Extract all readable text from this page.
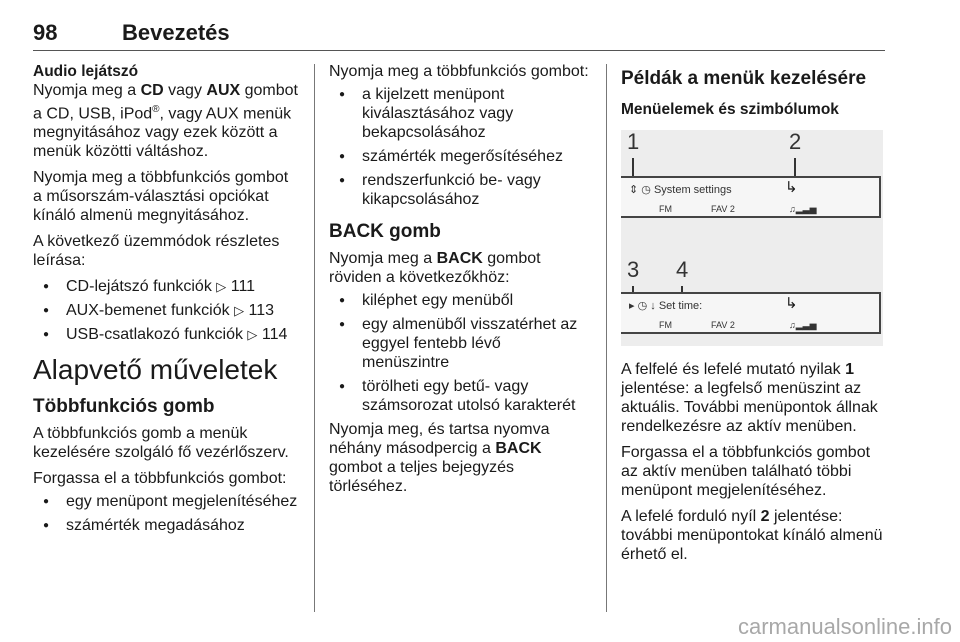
98	Bevezetés

Audio lejátszó

Nyomja meg a CD vagy AUX gombot a CD, USB, iPod®, vagy AUX menük megnyitásához vagy ezek között a menük közötti váltáshoz.

Nyomja meg a többfunkciós gombot a műsorszám-választási opciókat kínáló almenü megnyitásához.

A következő üzemmódok részletes leírása:

● CD-lejátszó funkciók ▷ 111
● AUX-bemenet funkciók ▷ 113
● USB-csatlakozó funkciók ▷ 114
Alapvető műveletek
Többfunkciós gomb

A többfunkciós gomb a menük kezelésére szolgáló fő vezérlőszerv.

Forgassa el a többfunkciós gombot:

● egy menüpont megjelenítéséhez
● számérték megadásához

Nyomja meg a többfunkciós gombot:

● a kijelzett menüpont kiválasztásához vagy bekapcsolásához
● számérték megerősítéséhez
● rendszerfunkció be- vagy kikapcsolásához
BACK gomb

Nyomja meg a BACK gombot röviden a következőkhöz:

● kiléphet egy menüből
● egy almenüből visszatérhet az eggyel fentebb lévő menüszintre
● törölheti egy betű- vagy számsorozat utolsó karakterét

Nyomja meg, és tartsa nyomva néhány másodpercig a BACK gombot a teljes bejegyzés törléséhez.

Példák a menük kezelésére
Menüelemek és szimbólumok
1	2
⇕ ◷ System settings	↳
FM	FAV 2	♫▂▃▅
3 4
▸ ◷ ↓ Set time:	↳
FM	FAV 2	♫▂▃▅

A felfelé és lefelé mutató nyilak 1 jelentése: a legfelső menüszint az aktuális. További menüpontok állnak rendelkezésre az aktív menüben.

Forgassa el a többfunkciós gombot az aktív menüben található többi menüpont megjelenítéséhez.

A lefelé forduló nyíl 2 jelentése: további menüpontokat kínáló almenü érhető el.

carmanualsonline.info
